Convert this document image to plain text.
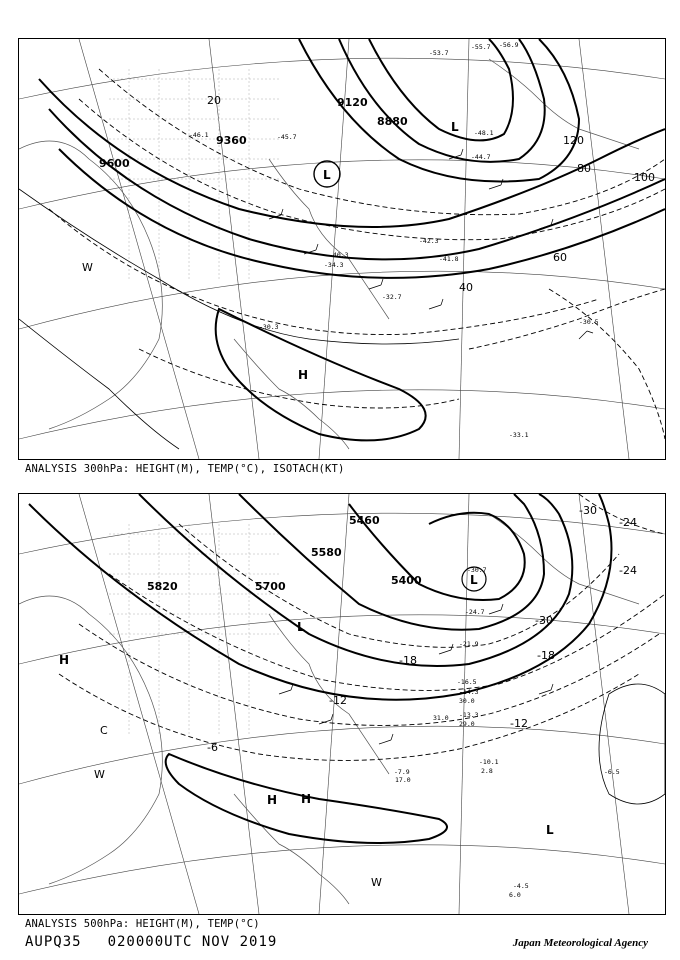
9600
9360
9120
8880
20
40
60
80
100
120
L
L
H
W
-46.1	-45.7
-42.3
-40.3
-34.3
-32.7
-30.3
-30.5
-48.1
-55.7 -56.9
-53.7
-44.7
-41.8
-33.1
ANALYSIS 300hPa: HEIGHT(M), TEMP(°C), ISOTACH(KT)
5820	5700
5580
5400
5460
-6
-12
-18
-24
-30
-30
-24
-18
-12
H
H
L
C
W
W
L
L
H
-30.7
-24.7
-21.9
-16.5
-14.3
-13.3
-10.1
-7.9	-6.5
-4.5
6.0
2.8
17.0
29.0
30.0
31.0
ANALYSIS 500hPa: HEIGHT(M), TEMP(°C)
AUPQ35 020000UTC NOV 2019	Japan Meteorological Agency
